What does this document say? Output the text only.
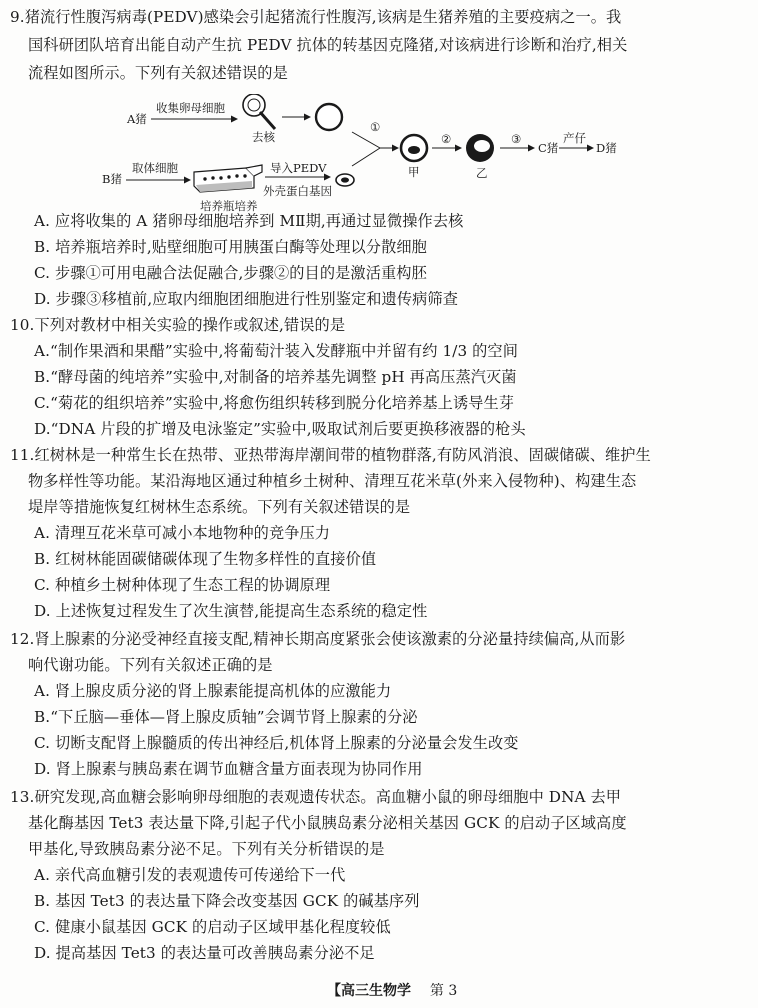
9.猪流行性腹泻病毒(PEDV)感染会引起猪流行性腹泻,该病是生猪养殖的主要疫病之一。我
国科研团队培育出能自动产生抗 PEDV 抗体的转基因克隆猪,对该病进行诊断和治疗,相关
流程如图所示。下列有关叙述错误的是
A猪
收集卵母细胞
去核
B猪
取体细胞
培养瓶培养
导入PEDV
外壳蛋白基因
①
甲
②
乙
③
C猪
产仔
D猪
A. 应将收集的 A 猪卵母细胞培养到 MⅡ期,再通过显微操作去核
B. 培养瓶培养时,贴壁细胞可用胰蛋白酶等处理以分散细胞
C. 步骤①可用电融合法促融合,步骤②的目的是激活重构胚
D. 步骤③移植前,应取内细胞团细胞进行性别鉴定和遗传病筛查
10.下列对教材中相关实验的操作或叙述,错误的是
A.“制作果酒和果醋”实验中,将葡萄汁装入发酵瓶中并留有约 1/3 的空间
B.“酵母菌的纯培养”实验中,对制备的培养基先调整 pH 再高压蒸汽灭菌
C.“菊花的组织培养”实验中,将愈伤组织转移到脱分化培养基上诱导生芽
D.“DNA 片段的扩增及电泳鉴定”实验中,吸取试剂后要更换移液器的枪头
11.红树林是一种常生长在热带、亚热带海岸潮间带的植物群落,有防风消浪、固碳储碳、维护生
物多样性等功能。某沿海地区通过种植乡土树种、清理互花米草(外来入侵物种)、构建生态
堤岸等措施恢复红树林生态系统。下列有关叙述错误的是
A. 清理互花米草可减小本地物种的竞争压力
B. 红树林能固碳储碳体现了生物多样性的直接价值
C. 种植乡土树种体现了生态工程的协调原理
D. 上述恢复过程发生了次生演替,能提高生态系统的稳定性
12.肾上腺素的分泌受神经直接支配,精神长期高度紧张会使该激素的分泌量持续偏高,从而影
响代谢功能。下列有关叙述正确的是
A. 肾上腺皮质分泌的肾上腺素能提高机体的应激能力
B.“下丘脑—垂体—肾上腺皮质轴”会调节肾上腺素的分泌
C. 切断支配肾上腺髓质的传出神经后,机体肾上腺素的分泌量会发生改变
D. 肾上腺素与胰岛素在调节血糖含量方面表现为协同作用
13.研究发现,高血糖会影响卵母细胞的表观遗传状态。高血糖小鼠的卵母细胞中 DNA 去甲
基化酶基因 Tet3 表达量下降,引起子代小鼠胰岛素分泌相关基因 GCK 的启动子区域高度
甲基化,导致胰岛素分泌不足。下列有关分析错误的是
A. 亲代高血糖引发的表观遗传可传递给下一代
B. 基因 Tet3 的表达量下降会改变基因 GCK 的碱基序列
C. 健康小鼠基因 GCK 的启动子区域甲基化程度较低
D. 提高基因 Tet3 的表达量可改善胰岛素分泌不足
【高三生物学 第 3
